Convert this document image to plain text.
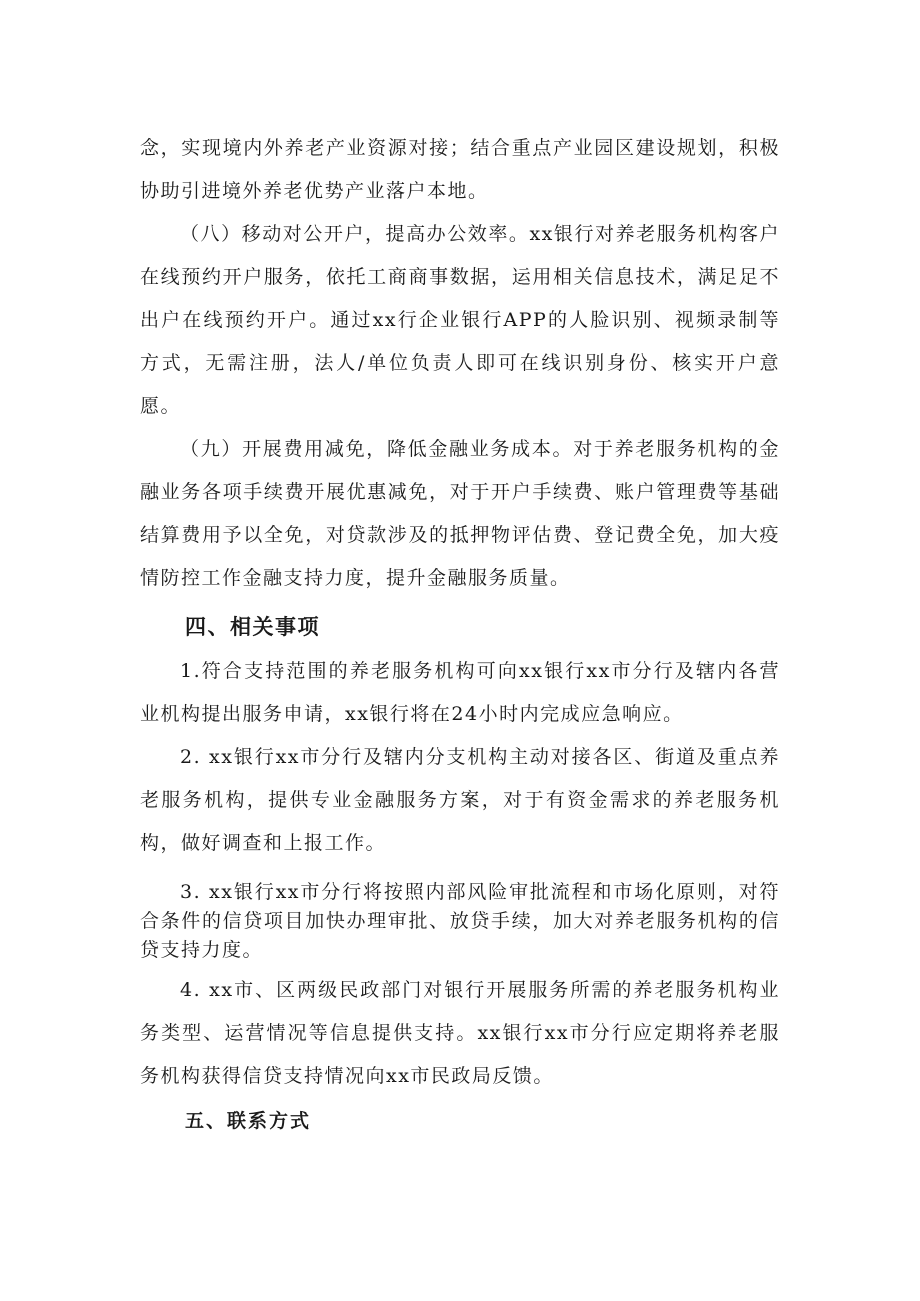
念，实现境内外养老产业资源对接；结合重点产业园区建设规划，积极协助引进境外养老优势产业落户本地。

（八）移动对公开户，提高办公效率。xx银行对养老服务机构客户在线预约开户服务，依托工商商事数据，运用相关信息技术，满足足不出户在线预约开户。通过xx行企业银行APP的人脸识别、视频录制等方式，无需注册，法人/单位负责人即可在线识别身份、核实开户意愿。

（九）开展费用减免，降低金融业务成本。对于养老服务机构的金融业务各项手续费开展优惠减免，对于开户手续费、账户管理费等基础结算费用予以全免，对贷款涉及的抵押物评估费、登记费全免，加大疫情防控工作金融支持力度，提升金融服务质量。

四、相关事项

1.符合支持范围的养老服务机构可向xx银行xx市分行及辖内各营业机构提出服务申请，xx银行将在24小时内完成应急响应。

2. xx银行xx市分行及辖内分支机构主动对接各区、街道及重点养老服务机构，提供专业金融服务方案，对于有资金需求的养老服务机构，做好调查和上报工作。

3. xx银行xx市分行将按照内部风险审批流程和市场化原则，对符合条件的信贷项目加快办理审批、放贷手续，加大对养老服务机构的信贷支持力度。

4. xx市、区两级民政部门对银行开展服务所需的养老服务机构业务类型、运营情况等信息提供支持。xx银行xx市分行应定期将养老服务机构获得信贷支持情况向xx市民政局反馈。

五、联系方式
